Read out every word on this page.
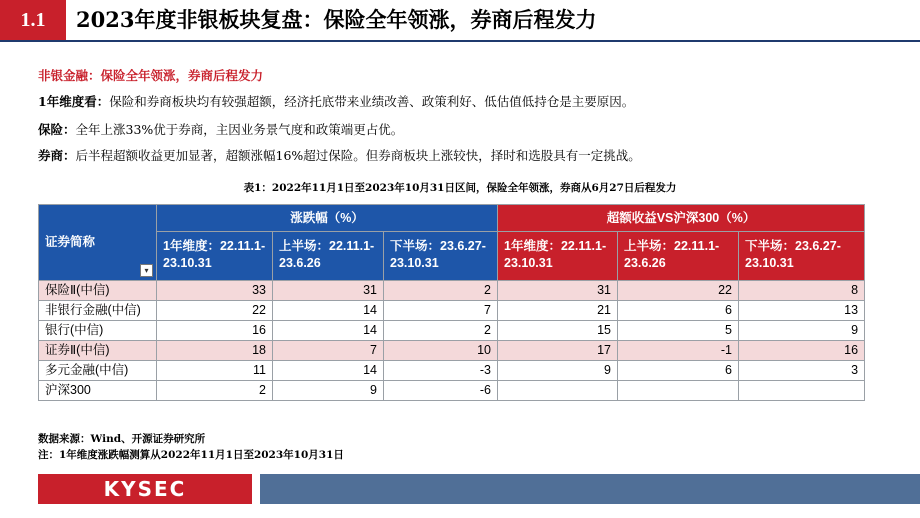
1.1	2023年度非银板块复盘：保险全年领涨，券商后程发力
非银金融：保险全年领涨，券商后程发力
1年维度看：保险和券商板块均有较强超额，经济托底带来业绩改善、政策利好、低估值低持仓是主要原因。
保险：全年上涨33%优于券商，主因业务景气度和政策端更占优。
券商：后半程超额收益更加显著，超额涨幅16%超过保险。但券商板块上涨较快，择时和选股具有一定挑战。
表1：2022年11月1日至2023年10月31日区间，保险全年领涨，券商从6月27日后程发力
证券简称
▾	涨跌幅（%）			超额收益VS沪深300（%）		
	1年维度：22.11.1-23.10.31	上半场：22.11.1-23.6.26	下半场：23.6.27-23.10.31	1年维度：22.11.1-23.10.31	上半场：22.11.1-23.6.26	下半场：23.6.27-23.10.31
保险Ⅱ(中信)	33	31	2	31	22	8
非银行金融(中信)	22	14	7	21	6	13
银行(中信)	16	14	2	15	5	9
证券Ⅱ(中信)	18	7	10	17	-1	16
多元金融(中信)	11	14	-3	9	6	3
沪深300	2	9	-6			
数据来源：Wind、开源证券研究所
注：1年维度涨跌幅测算从2022年11月1日至2023年10月31日
KYSEC
